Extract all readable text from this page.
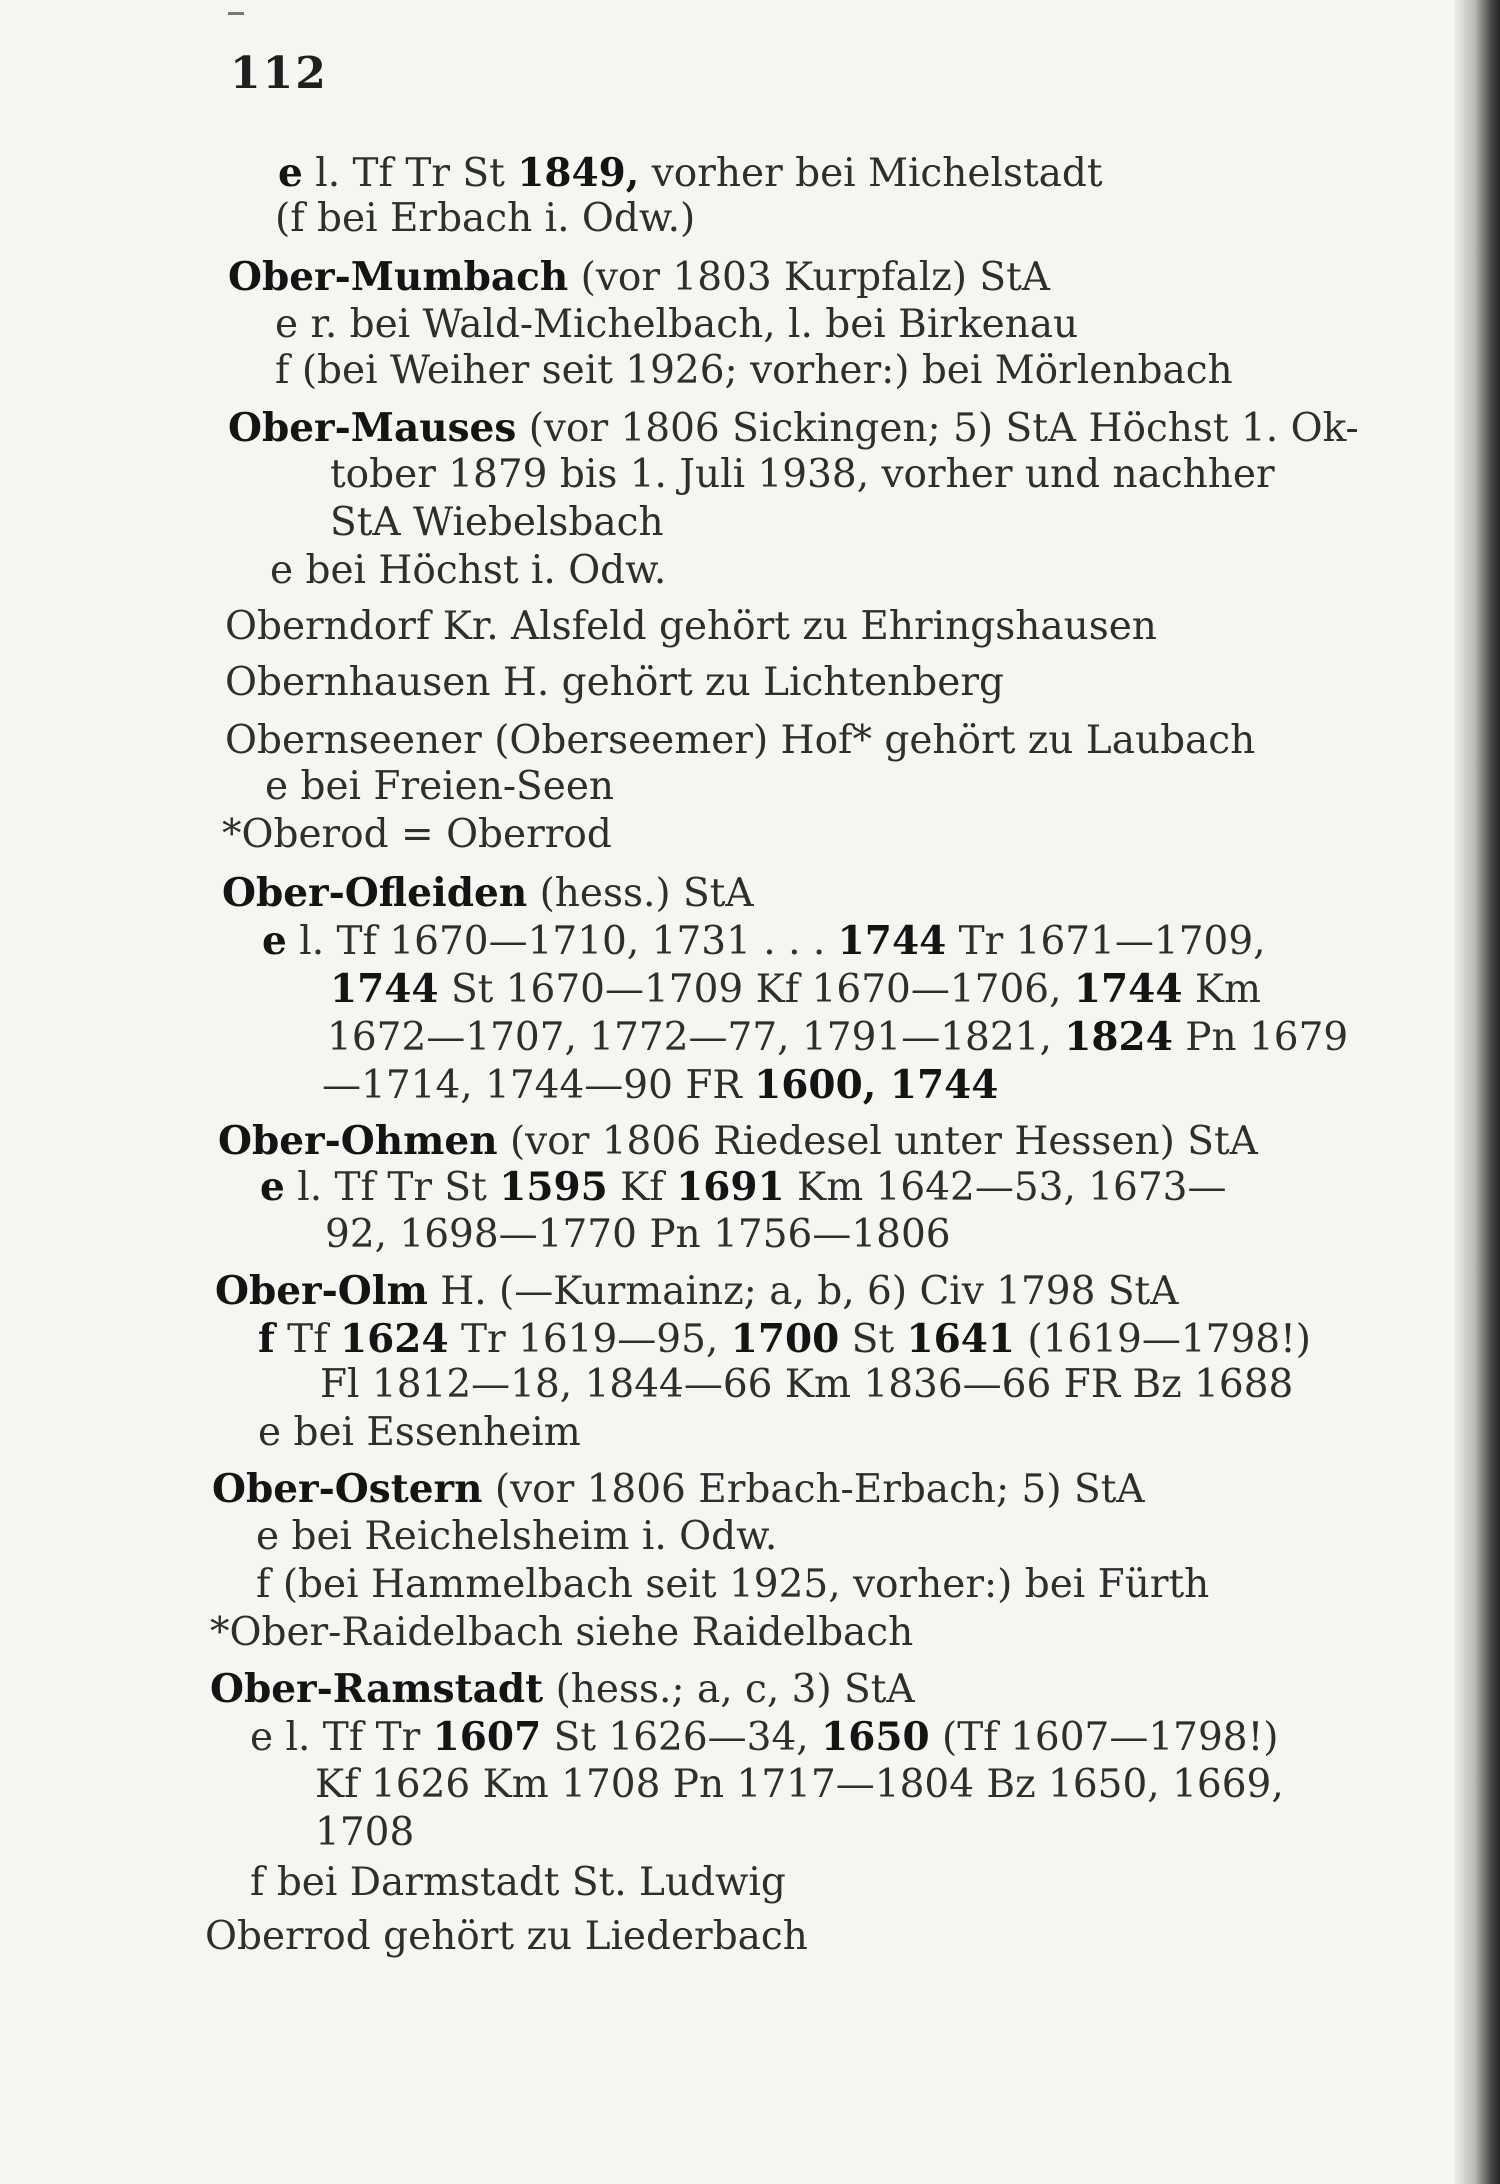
112
e l. Tf Tr St 1849, vorher bei Michelstadt
(f bei Erbach i. Odw.)
Ober-Mumbach (vor 1803 Kurpfalz) StA
e r. bei Wald-Michelbach, l. bei Birkenau
f (bei Weiher seit 1926; vorher:) bei Mörlenbach
Ober-Mauses (vor 1806 Sickingen; 5) StA Höchst 1. Ok-
tober 1879 bis 1. Juli 1938, vorher und nachher
StA Wiebelsbach
e bei Höchst i. Odw.
Oberndorf Kr. Alsfeld gehört zu Ehringshausen
Obernhausen H. gehört zu Lichtenberg
Obernseener (Oberseemer) Hof* gehört zu Laubach
e bei Freien-Seen
*Oberod = Oberrod
Ober-Ofleiden (hess.) StA
e l. Tf 1670—1710, 1731 . . . 1744 Tr 1671—1709,
1744 St 1670—1709 Kf 1670—1706, 1744 Km
1672—1707, 1772—77, 1791—1821, 1824 Pn 1679
—1714, 1744—90 FR 1600, 1744
Ober-Ohmen (vor 1806 Riedesel unter Hessen) StA
e l. Tf Tr St 1595 Kf 1691 Km 1642—53, 1673—
92, 1698—1770 Pn 1756—1806
Ober-Olm H. (—Kurmainz; a, b, 6) Civ 1798 StA
f Tf 1624 Tr 1619—95, 1700 St 1641 (1619—1798!)
Fl 1812—18, 1844—66 Km 1836—66 FR Bz 1688
e bei Essenheim
Ober-Ostern (vor 1806 Erbach-Erbach; 5) StA
e bei Reichelsheim i. Odw.
f (bei Hammelbach seit 1925, vorher:) bei Fürth
*Ober-Raidelbach siehe Raidelbach
Ober-Ramstadt (hess.; a, c, 3) StA
e l. Tf Tr 1607 St 1626—34, 1650 (Tf 1607—1798!)
Kf 1626 Km 1708 Pn 1717—1804 Bz 1650, 1669,
1708
f bei Darmstadt St. Ludwig
Oberrod gehört zu Liederbach
